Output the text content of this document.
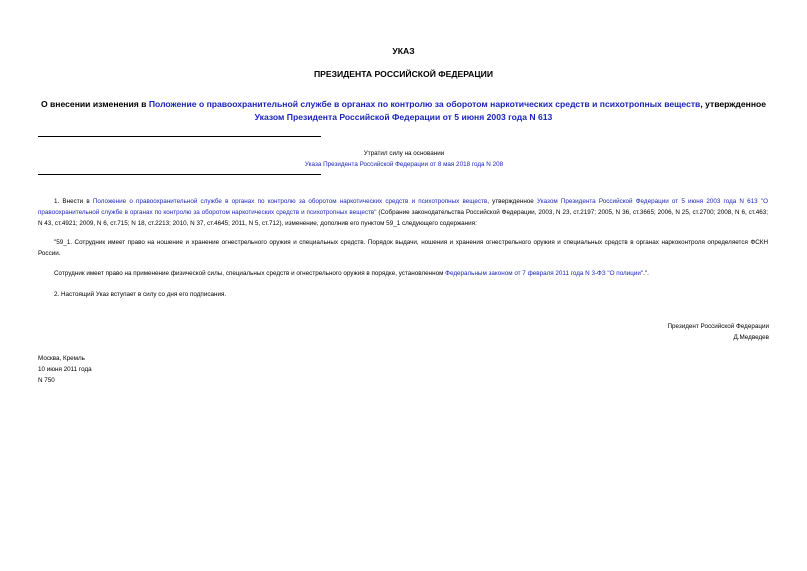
УКАЗ
ПРЕЗИДЕНТА РОССИЙСКОЙ ФЕДЕРАЦИИ
О внесении изменения в Положение о правоохранительной службе в органах по контролю за оборотом наркотических средств и психотропных веществ, утвержденное
Указом Президента Российской Федерации от 5 июня 2003 года N 613
Утратил силу на основании
Указа Президента Российской Федерации от 8 мая 2018 года N 208
1. Внести в Положение о правоохранительной службе в органах по контролю за оборотом наркотических средств и психотропных веществ, утвержденное Указом Президента Российской Федерации от 5 июня 2003 года N 613 "О правоохранительной службе в органах по контролю за оборотом наркотических средств и психотропных веществ" (Собрание законодательства Российской Федерации, 2003, N 23, ст.2197; 2005, N 36, ст.3665; 2006, N 25, ст.2700; 2008, N 6, ст.463; N 43, ст.4921; 2009, N 6, ст.715; N 18, ст.2213; 2010, N 37, ст.4645; 2011, N 5, ст.712), изменение, дополнив его пунктом 59_1 следующего содержания:
"59_1. Сотрудник имеет право на ношение и хранение огнестрельного оружия и специальных средств. Порядок выдачи, ношения и хранения огнестрельного оружия и специальных средств в органах наркоконтроля определяется ФСКН России.
Сотрудник имеет право на применение физической силы, специальных средств и огнестрельного оружия в порядке, установленном Федеральным законом от 7 февраля 2011 года N 3-ФЗ "О полиции".".
2. Настоящий Указ вступает в силу со дня его подписания.
Президент Российской Федерации
Д.Медведев
Москва, Кремль
10 июня 2011 года
N 750
